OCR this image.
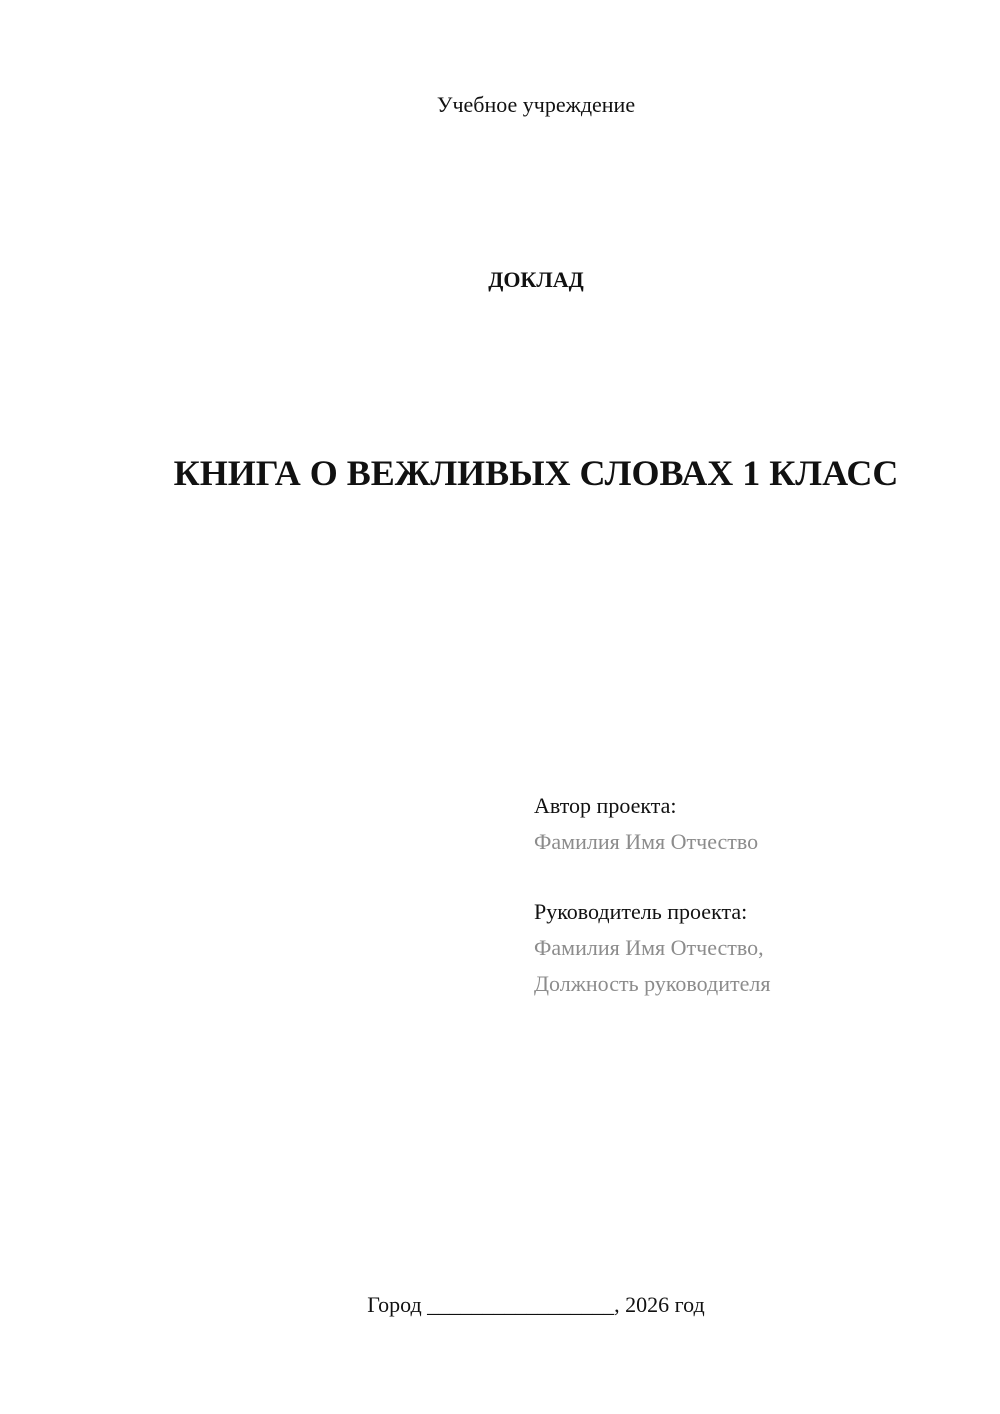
Учебное учреждение
ДОКЛАД
КНИГА О ВЕЖЛИВЫХ СЛОВАХ 1 КЛАСС
Автор проекта:
Фамилия Имя Отчество
Руководитель проекта:
Фамилия Имя Отчество,
Должность руководителя
Город _________________, 2026 год
